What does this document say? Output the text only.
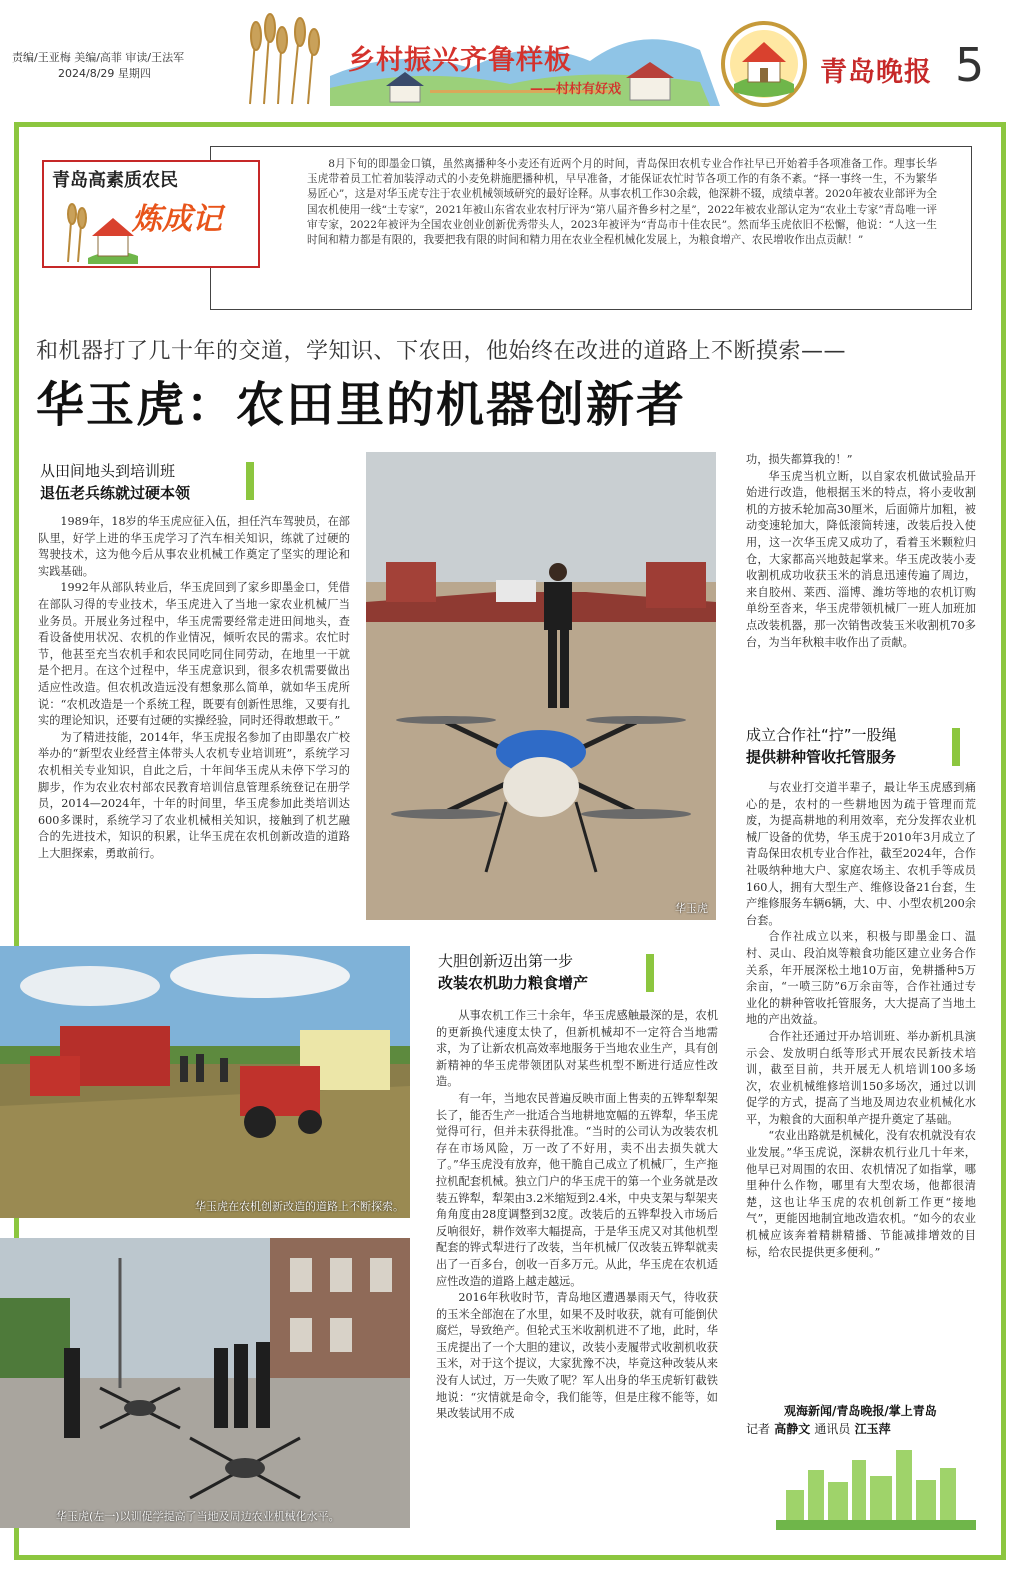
责编/王亚梅 美编/高菲 审读/王法军
2024/8/29 星期四	乡村振兴齐鲁样板
——村村有好戏
青岛晚报 5
8月下旬的即墨金口镇，虽然离播种冬小麦还有近两个月的时间，青岛保田农机专业合作社早已开始着手各项准备工作。理事长华玉虎带着员工忙着加装浮动式的小麦免耕施肥播种机，早早准备，才能保证农忙时节各项工作的有条不紊。“择一事终一生，不为繁华易匠心”，这是对华玉虎专注于农业机械领域研究的最好诠释。从事农机工作30余载，他深耕不辍，成绩卓著。2020年被农业部评为全国农机使用一线“土专家”，2021年被山东省农业农村厅评为“第八届齐鲁乡村之星”，2022年被农业部认定为“农业土专家”青岛唯一评审专家，2022年被评为全国农业创业创新优秀带头人，2023年被评为“青岛市十佳农民”。然而华玉虎依旧不松懈，他说：“人这一生时间和精力都是有限的，我要把我有限的时间和精力用在农业全程机械化发展上，为粮食增产、农民增收作出点贡献！”
青岛高素质农民
炼成记
和机器打了几十年的交道，学知识、下农田，他始终在改进的道路上不断摸索——
华玉虎：农田里的机器创新者
从田间地头到培训班
退伍老兵练就过硬本领

1989年，18岁的华玉虎应征入伍，担任汽车驾驶员，在部队里，好学上进的华玉虎学习了汽车相关知识，练就了过硬的驾驶技术，这为他今后从事农业机械工作奠定了坚实的理论和实践基础。

1992年从部队转业后，华玉虎回到了家乡即墨金口，凭借在部队习得的专业技术，华玉虎进入了当地一家农业机械厂当业务员。开展业务过程中，华玉虎需要经常走进田间地头，查看设备使用状况、农机的作业情况，倾听农民的需求。农忙时节，他甚至充当农机手和农民同吃同住同劳动，在地里一干就是个把月。在这个过程中，华玉虎意识到，很多农机需要做出适应性改造。但农机改造远没有想象那么简单，就如华玉虎所说：“农机改造是一个系统工程，既要有创新性思维，又要有扎实的理论知识，还要有过硬的实操经验，同时还得敢想敢干。”

为了精进技能，2014年，华玉虎报名参加了由即墨农广校举办的“新型农业经营主体带头人农机专业培训班”，系统学习农机相关专业知识，自此之后，十年间华玉虎从未停下学习的脚步，作为农业农村部农民教育培训信息管理系统登记在册学员，2014—2024年，十年的时间里，华玉虎参加此类培训达600多课时，系统学习了农业机械相关知识，接触到了机艺融合的先进技术，知识的积累，让华玉虎在农机创新改造的道路上大胆探索，勇敢前行。

华玉虎

功，损失都算我的！”

华玉虎当机立断，以自家农机做试验品开始进行改造，他根据玉米的特点，将小麦收割机的方披禾轮加高30厘米，后面筛片加粗，被动变速轮加大，降低滚筒转速，改装后投入使用，这一次华玉虎又成功了，看着玉米颗粒归仓，大家都高兴地鼓起掌来。华玉虎改装小麦收割机成功收获玉米的消息迅速传遍了周边，来自胶州、莱西、淄博、潍坊等地的农机订购单纷至沓来，华玉虎带领机械厂一班人加班加点改装机器，那一次销售改装玉米收割机70多台，为当年秋粮丰收作出了贡献。

成立合作社“拧”一股绳
提供耕种管收托管服务

与农业打交道半辈子，最让华玉虎感到痛心的是，农村的一些耕地因为疏于管理而荒废，为提高耕地的利用效率，充分发挥农业机械厂设备的优势，华玉虎于2010年3月成立了青岛保田农机专业合作社，截至2024年，合作社吸纳种地大户、家庭农场主、农机手等成员160人，拥有大型生产、维修设备21台套，生产维修服务车辆6辆，大、中、小型农机200余台套。

合作社成立以来，积极与即墨金口、温村、灵山、段泊岚等粮食功能区建立业务合作关系，年开展深松土地10万亩，免耕播种5万余亩，“一喷三防”6万余亩等，合作社通过专业化的耕种管收托管服务，大大提高了当地土地的产出效益。

合作社还通过开办培训班、举办新机具演示会、发放明白纸等形式开展农民新技术培训，截至目前，共开展无人机培训100多场次，农业机械维修培训150多场次，通过以训促学的方式，提高了当地及周边农业机械化水平，为粮食的大面积单产提升奠定了基础。

“农业出路就是机械化，没有农机就没有农业发展。”华玉虎说，深耕农机行业几十年来，他早已对周围的农田、农机情况了如指掌，哪里种什么作物，哪里有大型农场，他都很清楚，这也让华玉虎的农机创新工作更“接地气”，更能因地制宜地改造农机。“如今的农业机械应该奔着精耕精播、节能减排增效的目标，给农民提供更多便利。”

观海新闻/青岛晚报/掌上青岛
记者 高静文 通讯员 江玉萍
大胆创新迈出第一步
改装农机助力粮食增产

从事农机工作三十余年，华玉虎感触最深的是，农机的更新换代速度太快了，但新机械却不一定符合当地需求，为了让新农机高效率地服务于当地农业生产，具有创新精神的华玉虎带领团队对某些机型不断进行适应性改造。

有一年，当地农民普遍反映市面上售卖的五铧犁犁架长了，能否生产一批适合当地耕地宽幅的五铧犁，华玉虎觉得可行，但并未获得批准。“当时的公司认为改装农机存在市场风险，万一改了不好用，卖不出去损失就大了。”华玉虎没有放弃，他干脆自己成立了机械厂，生产拖拉机配套机械。独立门户的华玉虎干的第一个业务就是改装五铧犁，犁架由3.2米缩短到2.4米，中央支架与犁架夹角角度由28度调整到32度。改装后的五铧犁投入市场后反响很好，耕作效率大幅提高，于是华玉虎又对其他机型配套的铧式犁进行了改装，当年机械厂仅改装五铧犁就卖出了一百多台，创收一百多万元。从此，华玉虎在农机适应性改造的道路上越走越远。

2016年秋收时节，青岛地区遭遇暴雨天气，待收获的玉米全部泡在了水里，如果不及时收获，就有可能倒伏腐烂，导致绝产。但轮式玉米收割机进不了地，此时，华玉虎提出了一个大胆的建议，改装小麦履带式收割机收获玉米，对于这个提议，大家犹豫不决，毕竟这种改装从来没有人试过，万一失败了呢？军人出身的华玉虎斩钉截铁地说：“灾情就是命令，我们能等，但是庄稼不能等，如果改装试用不成

华玉虎在农机创新改造的道路上不断探索。
华玉虎(左一)以训促学提高了当地及周边农业机械化水平。
